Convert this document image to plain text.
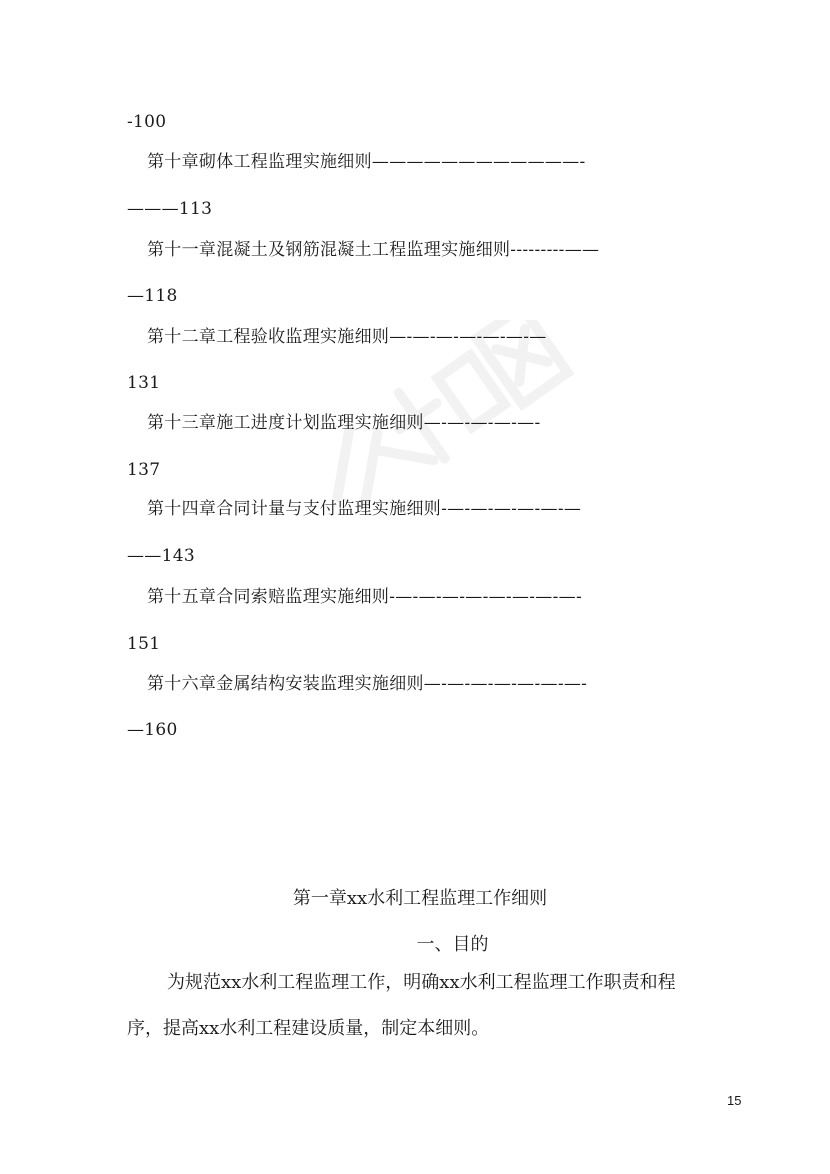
-100
第十章砌体工程监理实施细则————————————-
———113
第十一章混凝土及钢筋混凝土工程监理实施细则---------——
—118
第十二章工程验收监理实施细则—-—-—-—-—-—-—
131
第十三章施工进度计划监理实施细则—-—-—-—-—-
137
第十四章合同计量与支付监理实施细则-—-—-—-—-—-—
——143
第十五章合同索赔监理实施细则-—-—-—-—-—-—-—-—-
151
第十六章金属结构安装监理实施细则—-—-—-—-—-—-—-
—160
第一章xx水利工程监理工作细则
一、目的
为规范xx水利工程监理工作，明确xx水利工程监理工作职责和程
序，提高xx水利工程建设质量，制定本细则。
15
